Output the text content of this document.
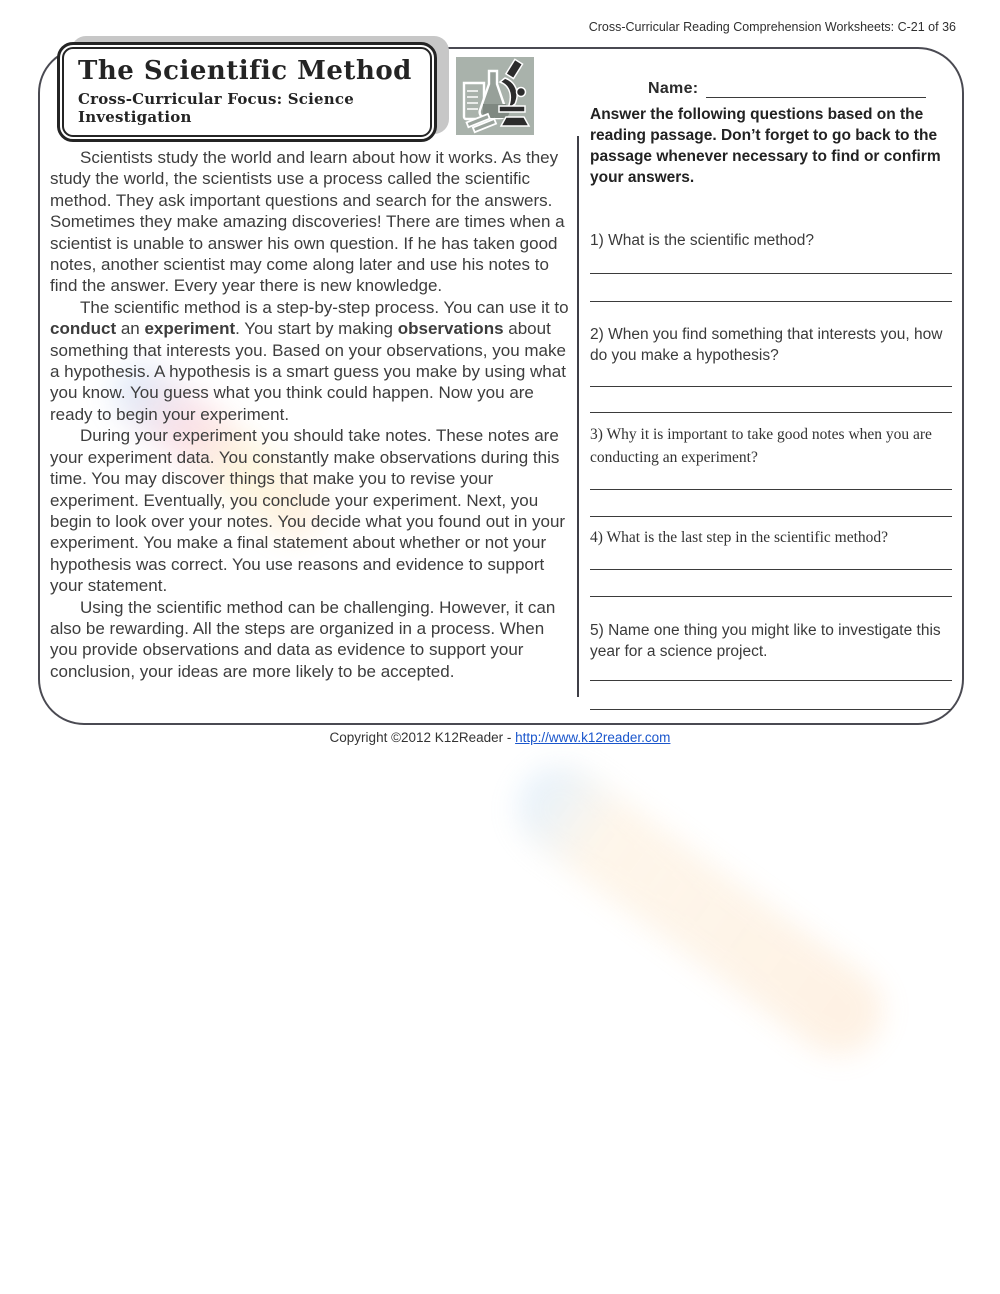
Cross-Curricular Reading Comprehension Worksheets: C-21 of 36
The Scientific Method
Cross-Curricular Focus: Science Investigation

Scientists study the world and learn about how it works. As they study the world, the scientists use a process called the scientific method. They ask important questions and search for the answers. Sometimes they make amazing discoveries! There are times when a scientist is unable to answer his own question. If he has taken good notes, another scientist may come along later and use his notes to find the answer. Every year there is new knowledge.

The scientific method is a step-by-step process. You can use it to conduct an experiment. You start by making observations about something that interests you. Based on your observations, you make a hypothesis. A hypothesis is a smart guess you make by using what you know. You guess what you think could happen. Now you are ready to begin your experiment.

During your experiment you should take notes. These notes are your experiment data. You constantly make observations during this time. You may discover things that make you to revise your experiment. Eventually, you conclude your experiment. Next, you begin to look over your notes. You decide what you found out in your experiment. You make a final statement about whether or not your hypothesis was correct. You use reasons and evidence to support your statement.

Using the scientific method can be challenging. However, it can also be rewarding. All the steps are organized in a process. When you provide observations and data as evidence to support your conclusion, your ideas are more likely to be accepted.

Name:
Answer the following questions based on the reading passage. Don’t forget to go back to the passage whenever necessary to find or confirm your answers.
1) What is the scientific method?
2) When you find something that interests you, how do you make a hypothesis?
3) Why it is important to take good notes when you are conducting an experiment?
4) What is the last step in the scientific method?
5) Name one thing you might like to investigate this year for a science project.
Copyright ©2012 K12Reader - http://www.k12reader.com
